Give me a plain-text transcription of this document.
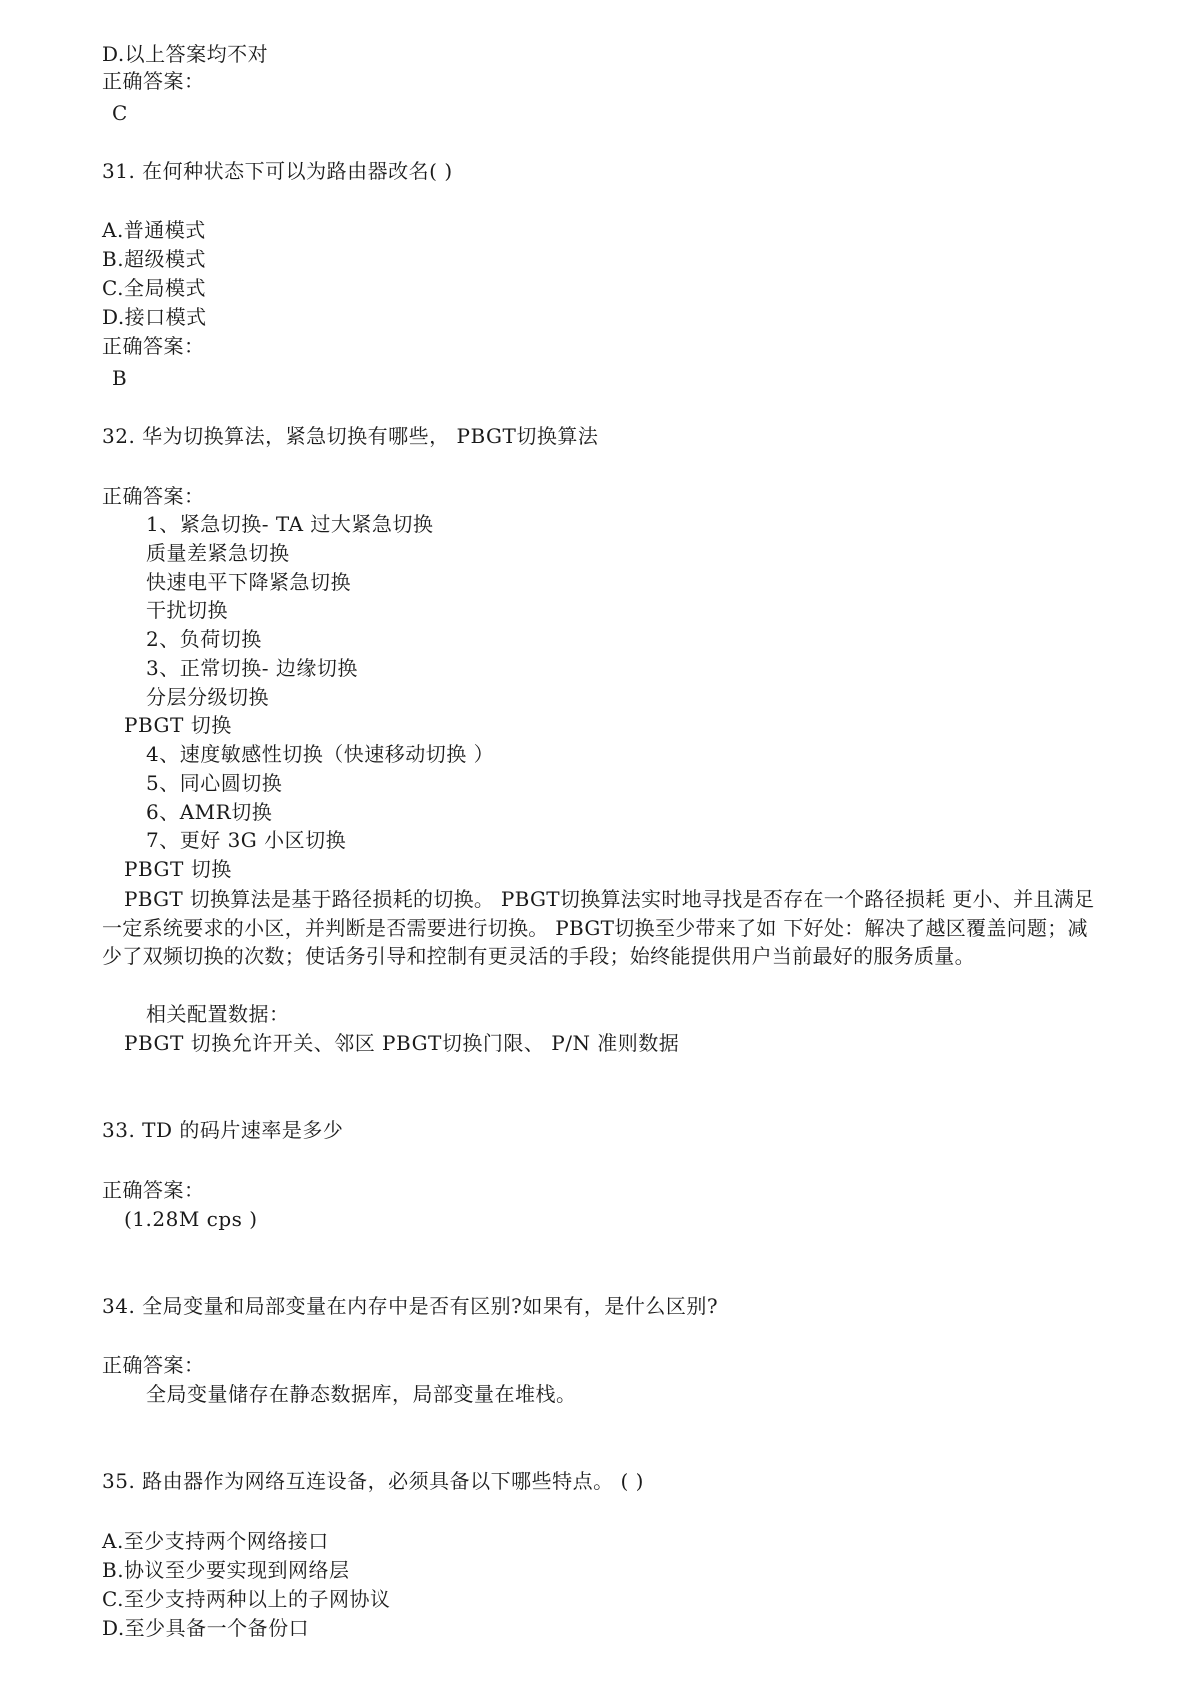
D.以上答案均不对
正确答案：
C
31. 在何种状态下可以为路由器改名( )
A.普通模式
B.超级模式
C.全局模式
D.接口模式
正确答案：
B
32. 华为切换算法，紧急切换有哪些， PBGT切换算法
正确答案：
1、紧急切换- TA 过大紧急切换
质量差紧急切换
快速电平下降紧急切换
干扰切换
2、负荷切换
3、正常切换- 边缘切换
分层分级切换
PBGT 切换
4、速度敏感性切换（快速移动切换 ）
5、同心圆切换
6、AMR切换
7、更好 3G 小区切换
PBGT 切换
PBGT 切换算法是基于路径损耗的切换。 PBGT切换算法实时地寻找是否存在一个路径损耗 更小、并且满足一定系统要求的小区，并判断是否需要进行切换。 PBGT切换至少带来了如 下好处：解决了越区覆盖问题；减少了双频切换的次数；使话务引导和控制有更灵活的手段；始终能提供用户当前最好的服务质量。
相关配置数据：
PBGT 切换允许开关、邻区 PBGT切换门限、 P/N 准则数据
33. TD 的码片速率是多少
正确答案：
(1.28M cps )
34. 全局变量和局部变量在内存中是否有区别?如果有，是什么区别?
正确答案：
全局变量储存在静态数据库，局部变量在堆栈。
35. 路由器作为网络互连设备，必须具备以下哪些特点。 ( )
A.至少支持两个网络接口
B.协议至少要实现到网络层
C.至少支持两种以上的子网协议
D.至少具备一个备份口
